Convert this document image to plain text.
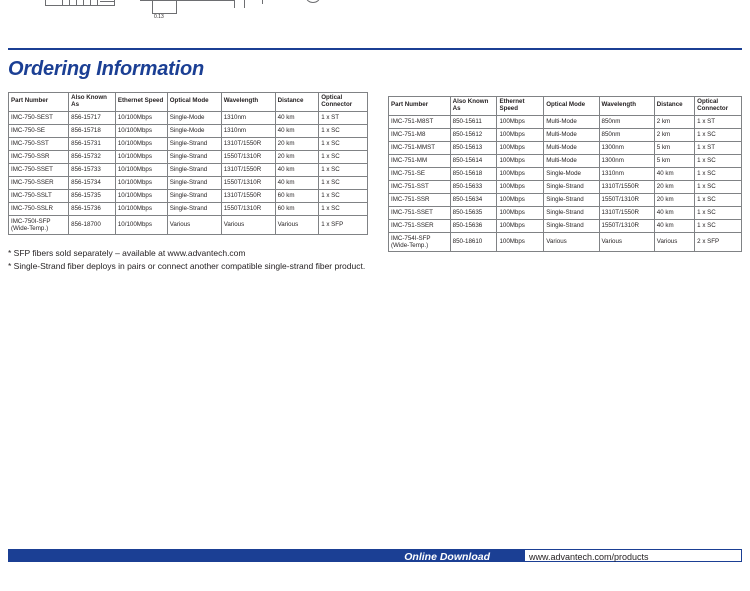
0.13
Ordering Information
Part Number	Also Known As	Ethernet Speed	Optical Mode	Wavelength	Distance	Optical Connector
IMC-750-SEST	856-15717	10/100Mbps	Single-Mode	1310nm	40 km	1 x ST
IMC-750-SE	856-15718	10/100Mbps	Single-Mode	1310nm	40 km	1 x SC
IMC-750-SST	856-15731	10/100Mbps	Single-Strand	1310T/1550R	20 km	1 x SC
IMC-750-SSR	856-15732	10/100Mbps	Single-Strand	1550T/1310R	20 km	1 x SC
IMC-750-SSET	856-15733	10/100Mbps	Single-Strand	1310T/1550R	40 km	1 x SC
IMC-750-SSER	856-15734	10/100Mbps	Single-Strand	1550T/1310R	40 km	1 x SC
IMC-750-SSLT	856-15735	10/100Mbps	Single-Strand	1310T/1550R	60 km	1 x SC
IMC-750-SSLR	856-15736	10/100Mbps	Single-Strand	1550T/1310R	60 km	1 x SC
IMC-750I-SFP (Wide-Temp.)	856-18700	10/100Mbps	Various	Various	Various	1 x SFP
Part Number	Also Known As	Ethernet Speed	Optical Mode	Wavelength	Distance	Optical Connector
IMC-751-M8ST	850-15611	100Mbps	Multi-Mode	850nm	2 km	1 x ST
IMC-751-M8	850-15612	100Mbps	Multi-Mode	850nm	2 km	1 x SC
IMC-751-MMST	850-15613	100Mbps	Multi-Mode	1300nm	5 km	1 x ST
IMC-751-MM	850-15614	100Mbps	Multi-Mode	1300nm	5 km	1 x SC
IMC-751-SE	850-15618	100Mbps	Single-Mode	1310nm	40 km	1 x SC
IMC-751-SST	850-15633	100Mbps	Single-Strand	1310T/1550R	20 km	1 x SC
IMC-751-SSR	850-15634	100Mbps	Single-Strand	1550T/1310R	20 km	1 x SC
IMC-751-SSET	850-15635	100Mbps	Single-Strand	1310T/1550R	40 km	1 x SC
IMC-751-SSER	850-15636	100Mbps	Single-Strand	1550T/1310R	40 km	1 x SC
IMC-754I-SFP (Wide-Temp.)	850-18610	100Mbps	Various	Various	Various	2 x SFP

* SFP fibers sold separately – available at www.advantech.com

* Single-Strand fiber deploys in pairs or connect another compatible single-strand fiber product.

Online Download	www.advantech.com/products
